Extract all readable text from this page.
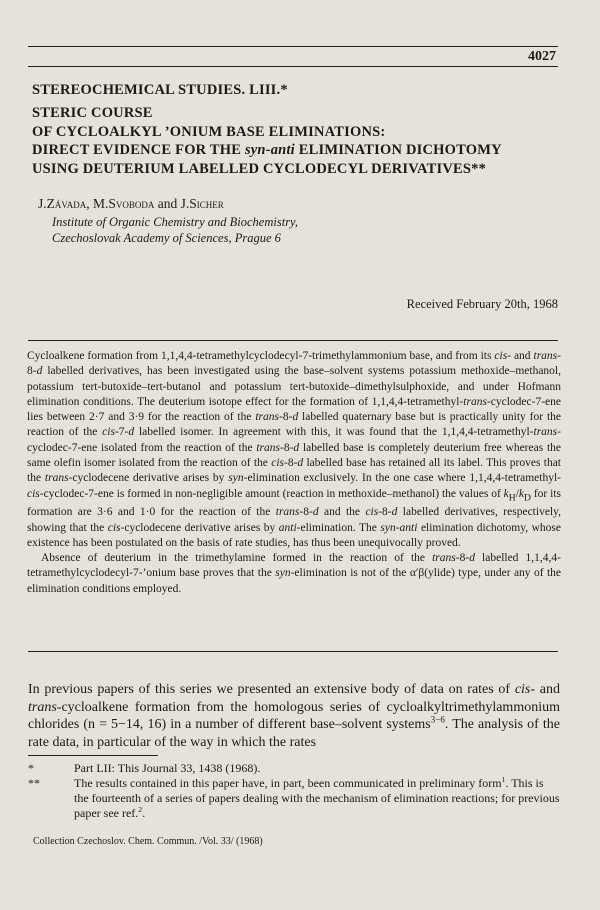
4027
STEREOCHEMICAL STUDIES. LIII.*
STERIC COURSE
OF CYCLOALKYL ’ONIUM BASE ELIMINATIONS:
DIRECT EVIDENCE FOR THE syn-anti ELIMINATION DICHOTOMY
USING DEUTERIUM LABELLED CYCLODECYL DERIVATIVES**
J.Závada, M.Svoboda and J.Sicher
Institute of Organic Chemistry and Biochemistry,
Czechoslovak Academy of Sciences, Prague 6
Received February 20th, 1968

Cycloalkene formation from 1,1,4,4-tetramethylcyclodecyl-7-trimethylammonium base, and from its cis- and trans-8-d labelled derivatives, has been investigated using the base–solvent systems potassium methoxide–methanol, potassium tert-butoxide–tert-butanol and potassium tert-butoxide–dimethylsulphoxide, and under Hofmann elimination conditions. The deuterium isotope effect for the formation of 1,1,4,4-tetramethyl-trans-cyclodec-7-ene lies between 2·7 and 3·9 for the reaction of the trans-8-d labelled quaternary base but is practically unity for the reaction of the cis-7-d labelled isomer. In agreement with this, it was found that the 1,1,4,4-tetramethyl-trans-cyclodec-7-ene isolated from the reaction of the trans-8-d labelled base is completely deuterium free whereas the same olefin isomer isolated from the reaction of the cis-8-d labelled base has retained all its label. This proves that the trans-cyclodecene derivative arises by syn-elimination exclusively. In the one case where 1,1,4,4-tetramethyl-cis-cyclodec-7-ene is formed in non-negligible amount (reaction in methoxide–methanol) the values of $k_H/k_D$ for its formation are 3·6 and 1·0 for the reaction of the trans-8-d and the cis-8-d labelled derivatives, respectively, showing that the cis-cyclodecene derivative arises by anti-elimination. The syn-anti elimination dichotomy, whose existence has been postulated on the basis of rate studies, has thus been unequivocally proved.

Absence of deuterium in the trimethylamine formed in the reaction of the trans-8-d labelled 1,1,4,4-tetramethylcyclodecyl-7-’onium base proves that the syn-elimination is not of the α′β(ylide) type, under any of the elimination conditions employed.

In previous papers of this series we presented an extensive body of data on rates of cis- and trans-cycloalkene formation from the homologous series of cycloalkyltrimethylammonium chlorides (n = 5−14, 16) in a number of different base–solvent systems$^{3-6}$. The analysis of the rate data, in particular of the way in which the rates

*	Part LII: This Journal 33, 1438 (1968).
**	The results contained in this paper have, in part, been communicated in preliminary form$^1$. This is the fourteenth of a series of papers dealing with the mechanism of elimination reactions; for previous paper see ref.$^2$.
Collection Czechoslov. Chem. Commun. /Vol. 33/ (1968)
